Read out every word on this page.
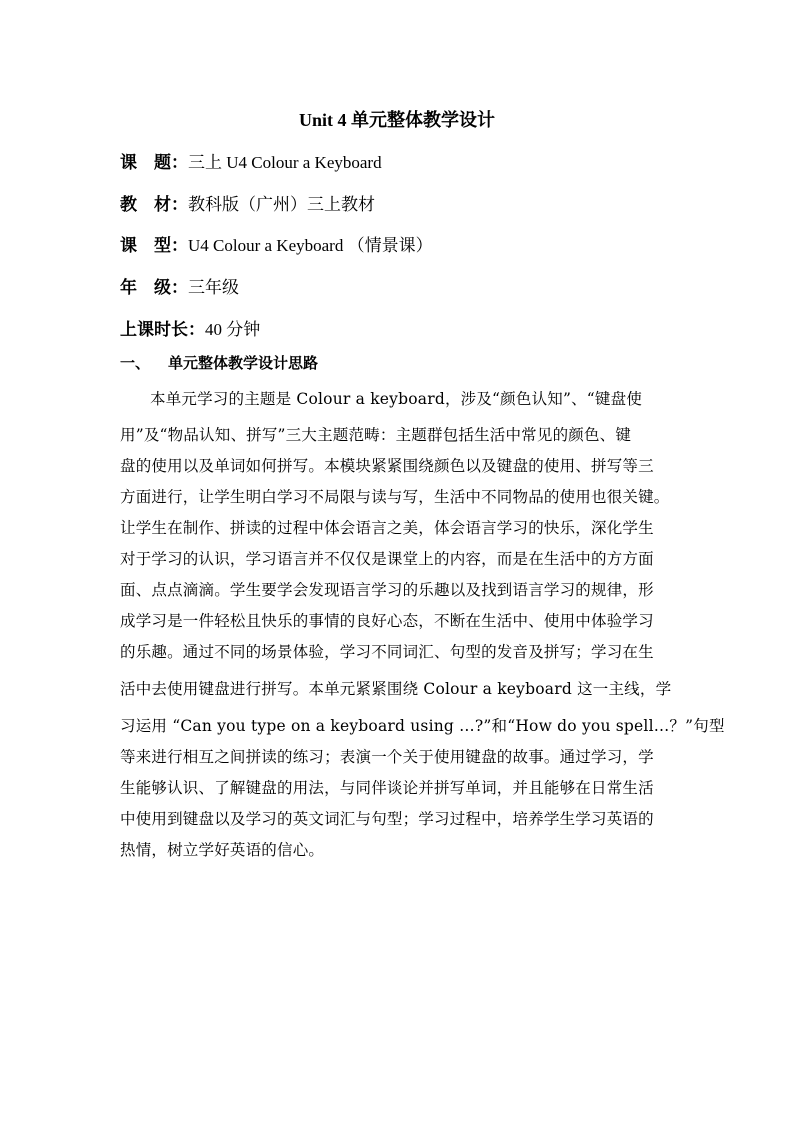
Unit 4 单元整体教学设计
课　题：三上 U4 Colour a Keyboard
教　材：教科版（广州）三上教材
课　型：U4 Colour a Keyboard （情景课）
年　级：三年级
上课时长：40 分钟
一、 单元整体教学设计思路
本单元学习的主题是 Colour a keyboard，涉及“颜色认知”、“键盘使
用”及“物品认知、拼写”三大主题范畴：主题群包括生活中常见的颜色、键
盘的使用以及单词如何拼写。本模块紧紧围绕颜色以及键盘的使用、拼写等三
方面进行，让学生明白学习不局限与读与写，生活中不同物品的使用也很关键。
让学生在制作、拼读的过程中体会语言之美，体会语言学习的快乐，深化学生
对于学习的认识，学习语言并不仅仅是课堂上的内容，而是在生活中的方方面
面、点点滴滴。学生要学会发现语言学习的乐趣以及找到语言学习的规律，形
成学习是一件轻松且快乐的事情的良好心态，不断在生活中、使用中体验学习
的乐趣。通过不同的场景体验，学习不同词汇、句型的发音及拼写；学习在生
活中去使用键盘进行拼写。本单元紧紧围绕 Colour a keyboard 这一主线，学
习运用 “Can you type on a keyboard using …?”和“How do you spell…？”句型
等来进行相互之间拼读的练习；表演一个关于使用键盘的故事。通过学习，学
生能够认识、了解键盘的用法，与同伴谈论并拼写单词，并且能够在日常生活
中使用到键盘以及学习的英文词汇与句型；学习过程中，培养学生学习英语的
热情，树立学好英语的信心。
